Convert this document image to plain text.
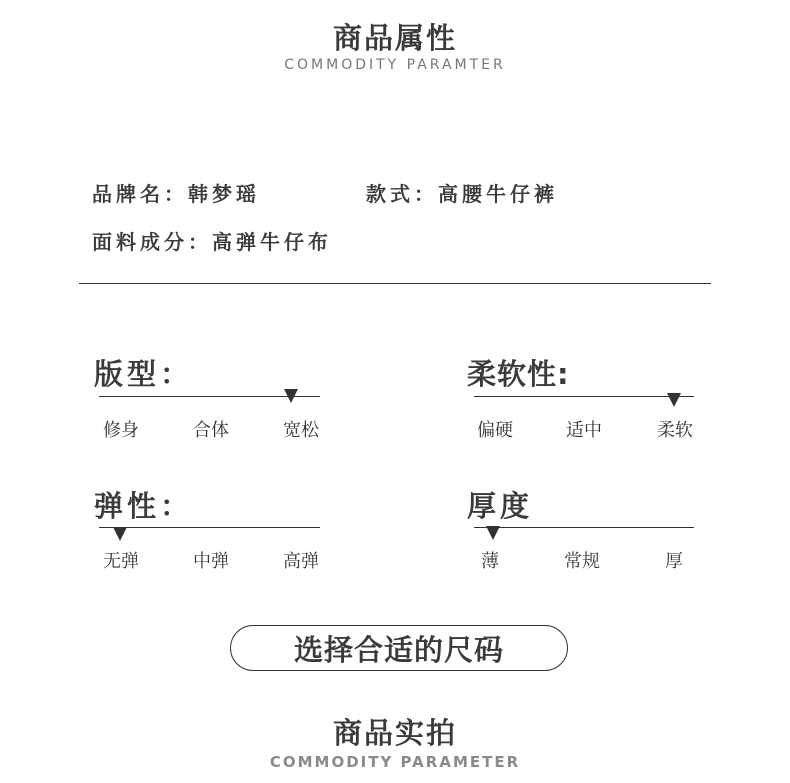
商品属性
COMMODITY PARAMTER
品牌名：韩梦瑶	款式：高腰牛仔裤
面料成分：高弹牛仔布
版型：
修身	合体	宽松
柔软性:
偏硬	适中	柔软
弹性：
无弹	中弹	高弹
厚度
薄	常规	厚
选择合适的尺码
商品实拍
COMMODITY PARAMETER
